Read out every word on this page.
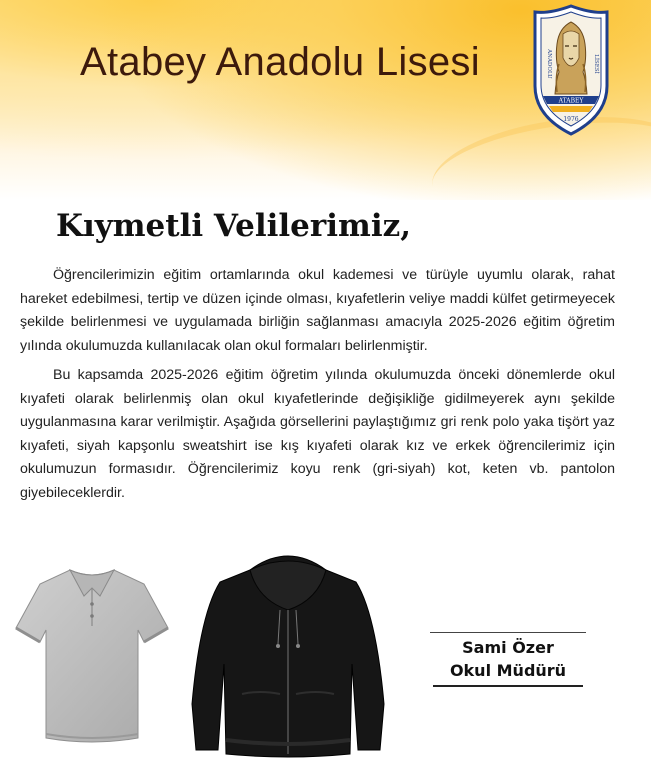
Atabey Anadolu Lisesi	ANADOLU	LİSESİ
ATABEY
1976
Kıymetli Velilerimiz,

Öğrencilerimizin eğitim ortamlarında okul kademesi ve türüyle uyumlu olarak, rahat hareket edebilmesi, tertip ve düzen içinde olması, kıyafetlerin veliye maddi külfet getirmeyecek şekilde belirlenmesi ve uygulamada birliğin sağlanması amacıyla 2025-2026 eğitim öğretim yılında okulumuzda kullanılacak olan okul formaları belirlenmiştir.

Bu kapsamda 2025-2026 eğitim öğretim yılında okulumuzda önceki dönemlerde okul kıyafeti olarak belirlenmiş olan okul kıyafetlerinde değişikliğe gidilmeyerek aynı şekilde uygulanmasına karar verilmiştir. Aşağıda görsellerini paylaştığımız gri renk polo yaka tişört yaz kıyafeti, siyah kapşonlu sweatshirt ise kış kıyafeti olarak kız ve erkek öğrencilerimiz için okulumuzun formasıdır. Öğrencilerimiz koyu renk (gri-siyah) kot, keten vb. pantolon giyebileceklerdir.

Sami Özer
Okul Müdürü
